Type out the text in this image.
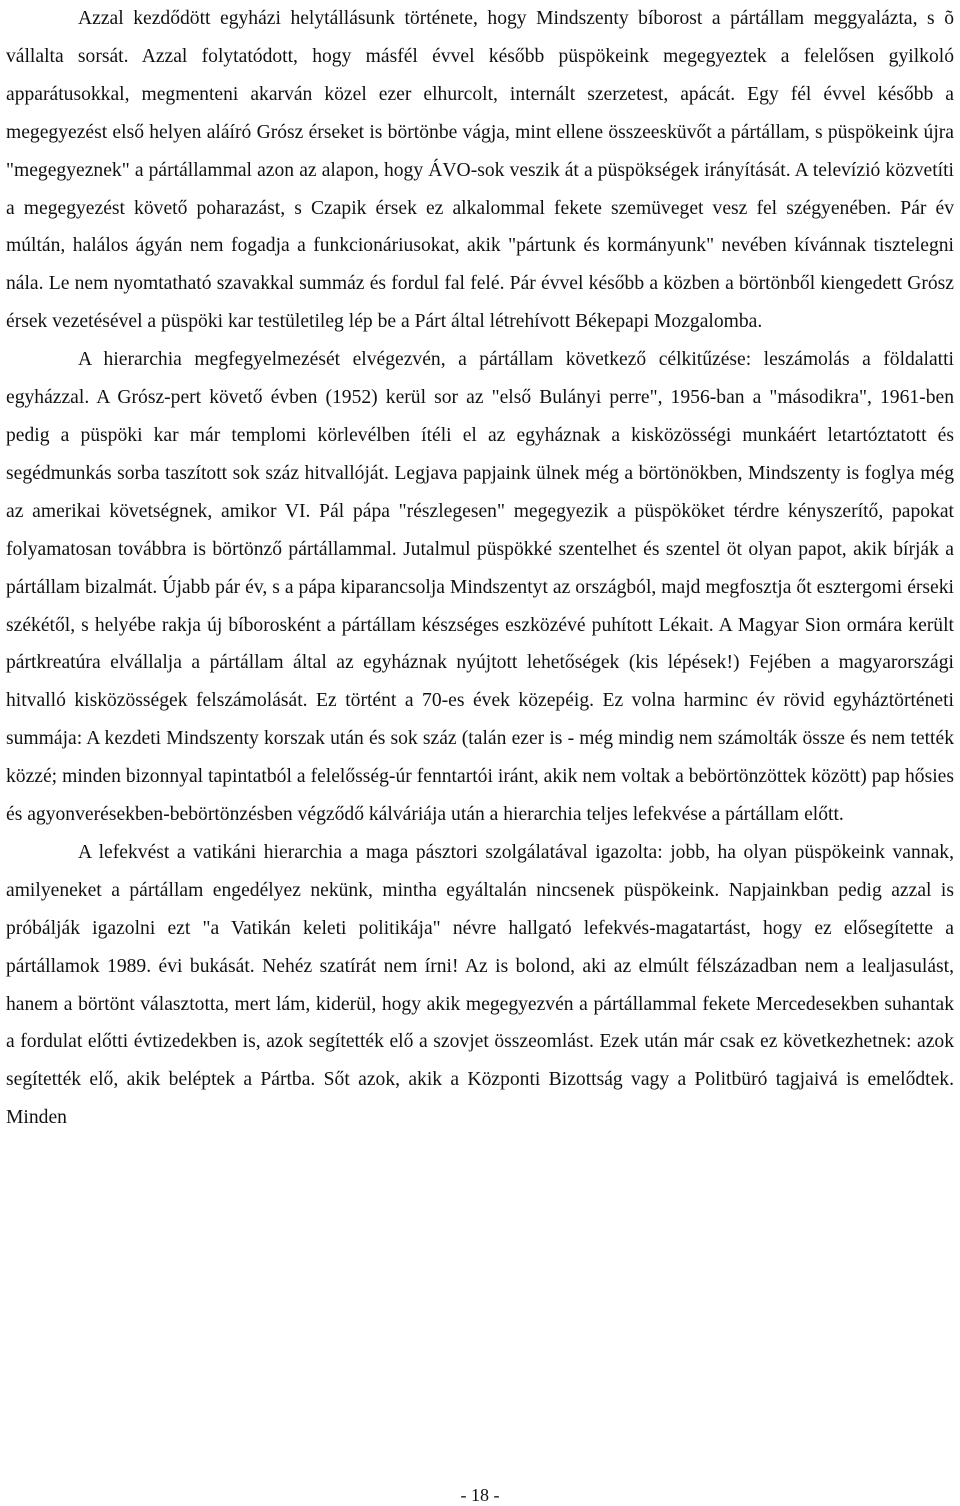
Azzal kezdődött egyházi helytállásunk története, hogy Mindszenty bíborost a pártállam meggyalázta, s õ vállalta sorsát. Azzal folytatódott, hogy másfél évvel később püspökeink megegyeztek a felelősen gyilkoló apparátusokkal, megmenteni akarván közel ezer elhurcolt, internált szerzetest, apácát. Egy fél évvel később a megegyezést első helyen aláíró Grósz érseket is börtönbe vágja, mint ellene összeesküvőt a pártállam, s püspökeink újra "megegyeznek" a pártállammal azon az alapon, hogy ÁVO-sok veszik át a püspökségek irányítását. A televízió közvetíti a megegyezést követő poharazást, s Czapik érsek ez alkalommal fekete szemüveget vesz fel szégyenében. Pár év múltán, halálos ágyán nem fogadja a funkcionáriusokat, akik "pártunk és kormányunk" nevében kívánnak tisztelegni nála. Le nem nyomtatható szavakkal summáz és fordul fal felé. Pár évvel később a közben a börtönből kiengedett Grósz érsek vezetésével a püspöki kar testületileg lép be a Párt által létrehívott Békepapi Mozgalomba.

A hierarchia megfegyelmezését elvégezvén, a pártállam következő célkitűzése: leszámolás a földalatti egyházzal. A Grósz-pert követő évben (1952) kerül sor az "első Bulányi perre", 1956-ban a "másodikra", 1961-ben pedig a püspöki kar már templomi körlevélben ítéli el az egyháznak a kisközösségi munkáért letartóztatott és segédmunkás sorba taszított sok száz hitvallóját. Legjava papjaink ülnek még a börtönökben, Mindszenty is foglya még az amerikai követségnek, amikor VI. Pál pápa "részlegesen" megegyezik a püspököket térdre kényszerítő, papokat folyamatosan továbbra is börtönző pártállammal. Jutalmul püspökké szentelhet és szentel öt olyan papot, akik bírják a pártállam bizalmát. Újabb pár év, s a pápa kiparancsolja Mindszentyt az országból, majd megfosztja őt esztergomi érseki székétől, s helyébe rakja új bíborosként a pártállam készséges eszközévé puhított Lékait. A Magyar Sion ormára került pártkreatúra elvállalja a pártállam által az egyháznak nyújtott lehetőségek (kis lépések!) Fejében a magyarországi hitvalló kisközösségek felszámolását. Ez történt a 70-es évek közepéig. Ez volna harminc év rövid egyháztörténeti summája: A kezdeti Mindszenty korszak után és sok száz (talán ezer is - még mindig nem számolták össze és nem tették közzé; minden bizonnyal tapintatból a felelősség-úr fenntartói iránt, akik nem voltak a bebörtönzöttek között) pap hősies és agyonverésekben-bebörtönzésben végződő kálváriája után a hierarchia teljes lefekvése a pártállam előtt.

A lefekvést a vatikáni hierarchia a maga pásztori szolgálatával igazolta: jobb, ha olyan püspökeink vannak, amilyeneket a pártállam engedélyez nekünk, mintha egyáltalán nincsenek püspökeink. Napjainkban pedig azzal is próbálják igazolni ezt "a Vatikán keleti politikája" névre hallgató lefekvés-magatartást, hogy ez elősegítette a pártállamok 1989. évi bukását. Nehéz szatírát nem írni! Az is bolond, aki az elmúlt félszázadban nem a lealjasulást, hanem a börtönt választotta, mert lám, kiderül, hogy akik megegyezvén a pártállammal fekete Mercedesekben suhantak a fordulat előtti évtizedekben is, azok segítették elő a szovjet összeomlást. Ezek után már csak ez következhetnek: azok segítették elő, akik beléptek a Pártba. Sőt azok, akik a Központi Bizottság vagy a Politbüró tagjaivá is emelődtek. Minden

- 18 -
